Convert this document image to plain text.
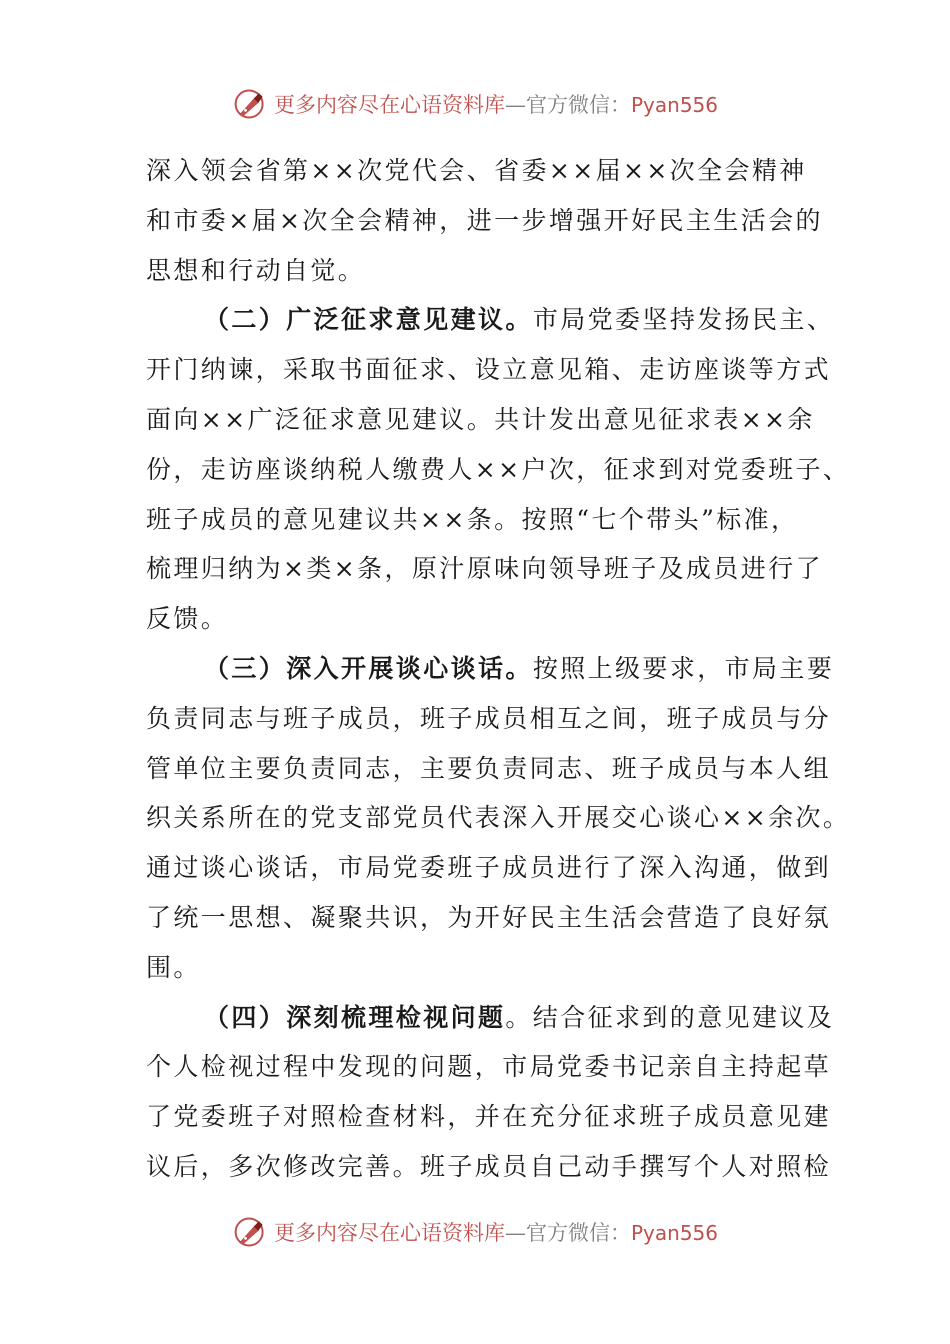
更多内容尽在心语资料库—官方微信：Pyan556
深入领会省第××次党代会、省委××届××次全会精神
和市委×届×次全会精神，进一步增强开好民主生活会的
思想和行动自觉。
（二）广泛征求意见建议。市局党委坚持发扬民主、
开门纳谏，采取书面征求、设立意见箱、走访座谈等方式
面向××广泛征求意见建议。共计发出意见征求表××余
份，走访座谈纳税人缴费人××户次，征求到对党委班子、
班子成员的意见建议共××条。按照“七个带头”标准，
梳理归纳为×类×条，原汁原味向领导班子及成员进行了
反馈。
（三）深入开展谈心谈话。按照上级要求，市局主要
负责同志与班子成员，班子成员相互之间，班子成员与分
管单位主要负责同志，主要负责同志、班子成员与本人组
织关系所在的党支部党员代表深入开展交心谈心××余次。
通过谈心谈话，市局党委班子成员进行了深入沟通，做到
了统一思想、凝聚共识，为开好民主生活会营造了良好氛
围。
（四）深刻梳理检视问题。结合征求到的意见建议及
个人检视过程中发现的问题，市局党委书记亲自主持起草
了党委班子对照检查材料，并在充分征求班子成员意见建
议后，多次修改完善。班子成员自己动手撰写个人对照检
更多内容尽在心语资料库—官方微信：Pyan556
